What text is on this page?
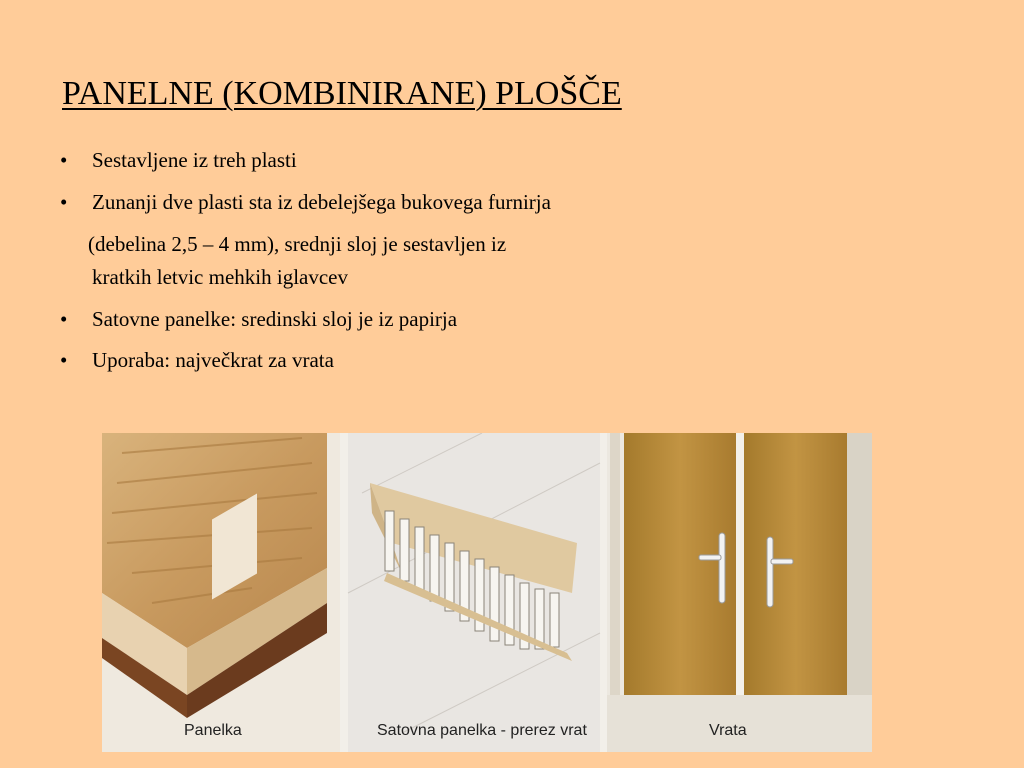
PANELNE (KOMBINIRANE) PLOŠČE
• Sestavljene iz treh plasti
• Zunanji dve plasti sta iz debelejšega bukovega furnirja
(debelina 2,5 – 4 mm), srednji sloj je sestavljen iz
kratkih letvic mehkih iglavcev
• Satovne panelke: sredinski sloj je iz papirja
• Uporaba: največkrat za vrata
Panelka	Satovna panelka - prerez vrat	Vrata
